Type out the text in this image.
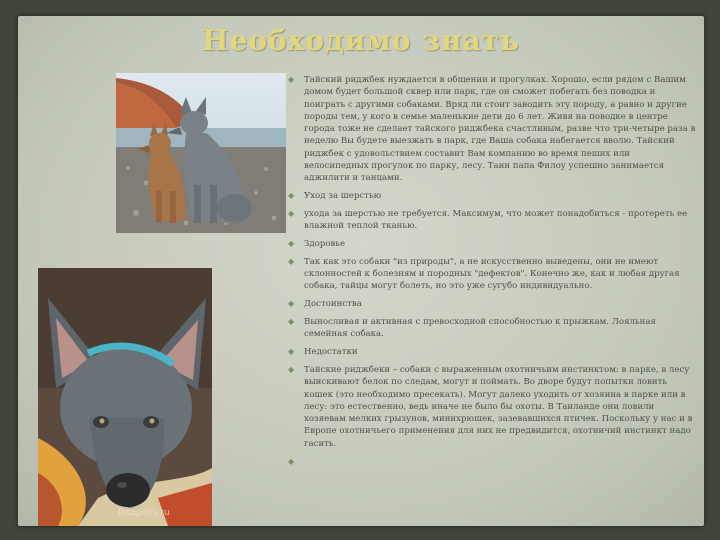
Необходимо знать
fotoprofy.ru
◆ Тайский риджбек нуждается в общении и прогулках. Хорошо, если рядом с Вашим домом будет большой сквер или парк, где он сможет побегать без поводка и поиграть с другими собаками. Вряд ли стоит заводить эту породу, а равно и другие породы тем, у кого в семье маленькие дети до 6 лет. Живя на поводке в центре города тоже не сделает тайского риджбека счастливым, разве что три-четыре раза в неделю Вы будете выезжать в парк, где Ваша собака набегается вволю. Тайский риджбек с удовольствием составит Вам компанию во время пеших или велосипедных прогулок по парку, лесу. Таин папа Филоу успешно занимается аджилити и танцами.
◆ Уход за шерстью
◆ ухода за шерстью не требуется. Максимум, что может понадобиться - протереть ее влажной теплой тканью.
◆ Здоровье
◆ Так как это собаки "из природы", а не искусственно выведены, они не имеют склонностей к болезням и породных "дефектов". Конечно же, как и любая другая собака, тайцы могут болеть, но это уже сугубо индивидуально.
◆ Достоинства
◆ Выносливая и активная с превосходной способностью к прыжкам. Лояльная семейная собака.
◆ Недостатки
◆ Тайские риджбеки – собаки с выраженным охотничьим инстинктом: в парке, в лесу выискивают белок по следам, могут и поймать. Во дворе будут попытки ловить кошек (это необходимо пресекать). Могут далеко уходить от хозяина в парке или в лесу: это естественно, ведь иначе не было бы охоты. В Таиланде они ловили хозяевам мелких грызунов, минихрюшек, зазевавшихся птичек. Поскольку у нас и в Европе охотничьего применения для них не предвидится, охотничий инстинкт надо гасить.
◆
